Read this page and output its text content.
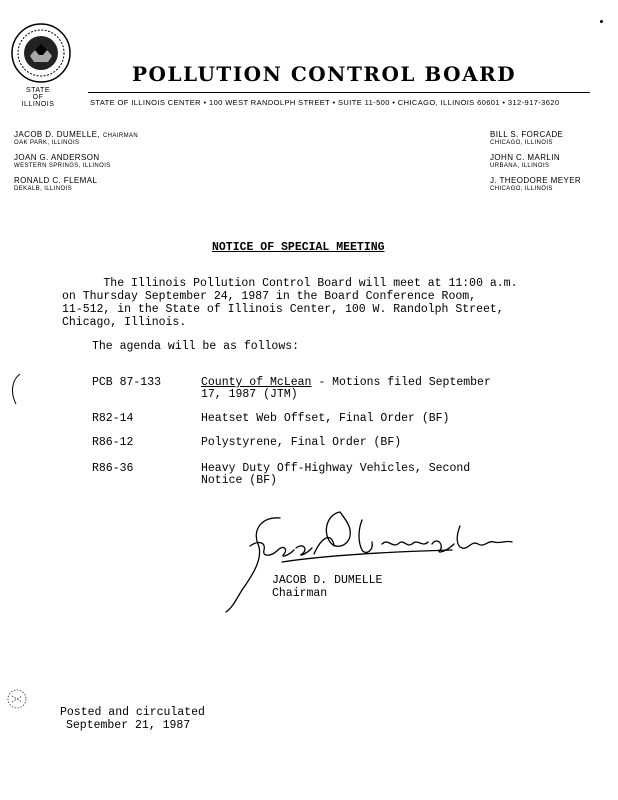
STATE
OF
ILLINOIS
POLLUTION CONTROL BOARD
STATE OF ILLINOIS CENTER • 100 WEST RANDOLPH STREET • SUITE 11-500 • CHICAGO, ILLINOIS 60601 • 312-917-3620
JACOB D. DUMELLE, CHAIRMAN
OAK PARK, ILLINOIS
JOAN G. ANDERSON
WESTERN SPRINGS, ILLINOIS
RONALD C. FLEMAL
DEKALB, ILLINOIS
BILL S. FORCADE
CHICAGO, ILLINOIS
JOHN C. MARLIN
URBANA, ILLINOIS
J. THEODORE MEYER
CHICAGO, ILLINOIS
NOTICE OF SPECIAL MEETING
The Illinois Pollution Control Board will meet at 11:00 a.m.
on Thursday September 24, 1987 in the Board Conference Room,
11-512, in the State of Illinois Center, 100 W. Randolph Street,
Chicago, Illinois.
The agenda will be as follows:
PCB 87-133	County of McLean - Motions filed September
17, 1987 (JTM)
R82-14	Heatset Web Offset, Final Order (BF)
R86-12	Polystyrene, Final Order (BF)
R86-36	Heavy Duty Off-Highway Vehicles, Second
Notice (BF)
JACOB D. DUMELLE
Chairman
Posted and circulated
September 21, 1987
